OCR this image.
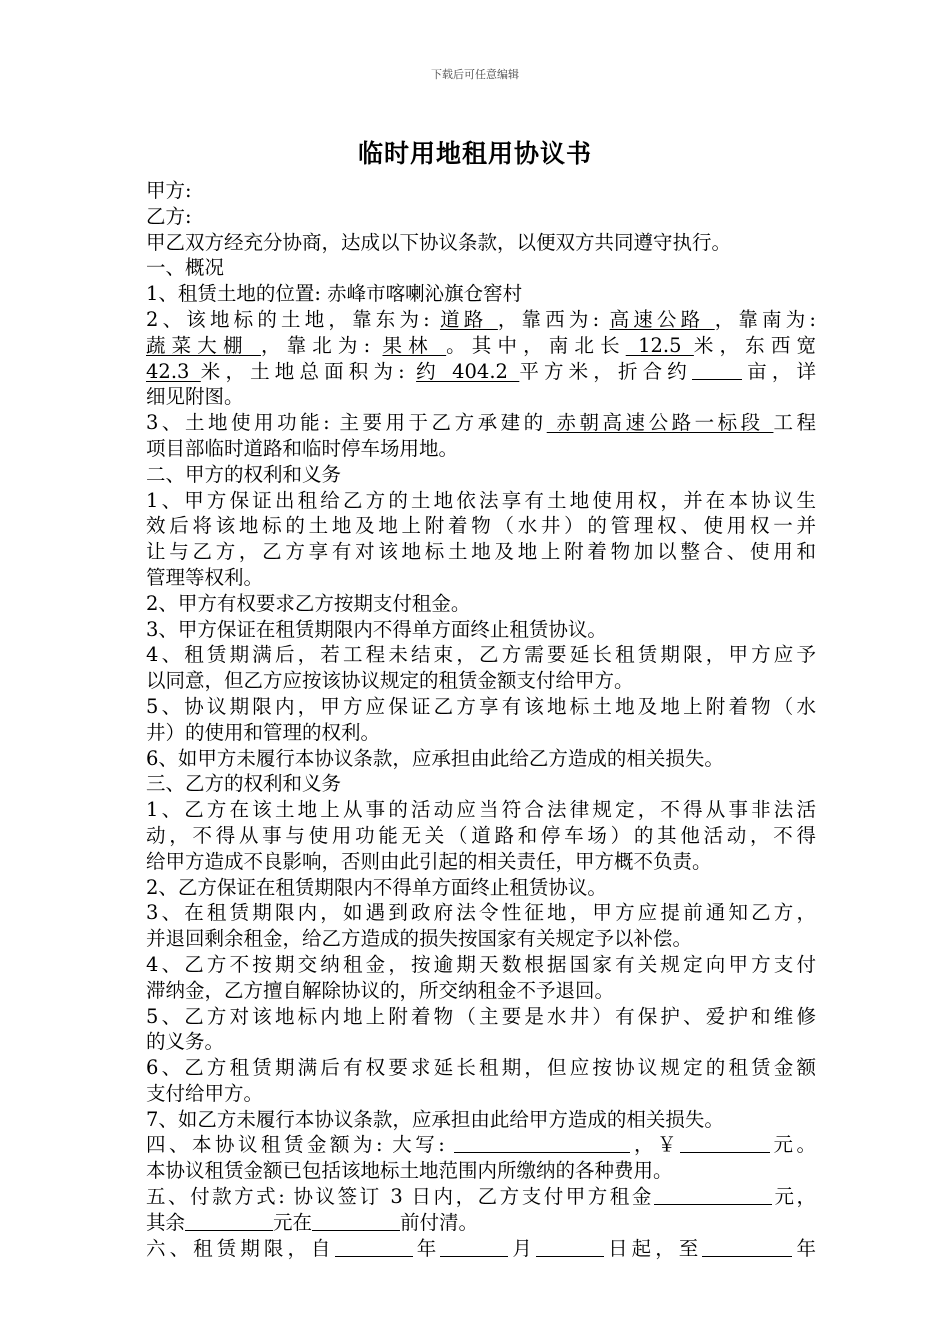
下载后可任意编辑
临时用地租用协议书
甲方:
乙方:
甲乙双方经充分协商，达成以下协议条款，以便双方共同遵守执行。
一、概况
1、租赁土地的位置: 赤峰市喀喇沁旗仓窖村
2、该地标的土地，靠东为: 道路 ，靠西为: 高速公路 ，靠南为:
蔬菜大棚 ，靠北为: 果林 。其中，南北长 12.5 米，东西宽
42.3 米，土地总面积为: 约 404.2 平方米，折合约	亩，详
细见附图。
3、土地使用功能: 主要用于乙方承建的 赤朝高速公路一标段 工程
项目部临时道路和临时停车场用地。
二、甲方的权利和义务
1、甲方保证出租给乙方的土地依法享有土地使用权，并在本协议生
效后将该地标的土地及地上附着物（水井）的管理权、使用权一并
让与乙方，乙方享有对该地标土地及地上附着物加以整合、使用和
管理等权利。
2、甲方有权要求乙方按期支付租金。
3、甲方保证在租赁期限内不得单方面终止租赁协议。
4、租赁期满后，若工程未结束，乙方需要延长租赁期限，甲方应予
以同意，但乙方应按该协议规定的租赁金额支付给甲方。
5、协议期限内，甲方应保证乙方享有该地标土地及地上附着物（水
井）的使用和管理的权利。
6、如甲方未履行本协议条款，应承担由此给乙方造成的相关损失。
三、乙方的权利和义务
1、乙方在该土地上从事的活动应当符合法律规定，不得从事非法活
动，不得从事与使用功能无关（道路和停车场）的其他活动，不得
给甲方造成不良影响，否则由此引起的相关责任，甲方概不负责。
2、乙方保证在租赁期限内不得单方面终止租赁协议。
3、在租赁期限内，如遇到政府法令性征地，甲方应提前通知乙方，
并退回剩余租金，给乙方造成的损失按国家有关规定予以补偿。
4、乙方不按期交纳租金，按逾期天数根据国家有关规定向甲方支付
滞纳金，乙方擅自解除协议的，所交纳租金不予退回。
5、乙方对该地标内地上附着物（主要是水井）有保护、爱护和维修
的义务。
6、乙方租赁期满后有权要求延长租期，但应按协议规定的租赁金额
支付给甲方。
7、如乙方未履行本协议条款，应承担由此给甲方造成的相关损失。
四、本协议租赁金额为: 大写:	，￥	元。
本协议租赁金额已包括该地标土地范围内所缴纳的各种费用。
五、付款方式: 协议签订 3 日内，乙方支付甲方租金	元，
其余	元在	前付清。
六、租赁期限，自	年	月	日起，至	年
